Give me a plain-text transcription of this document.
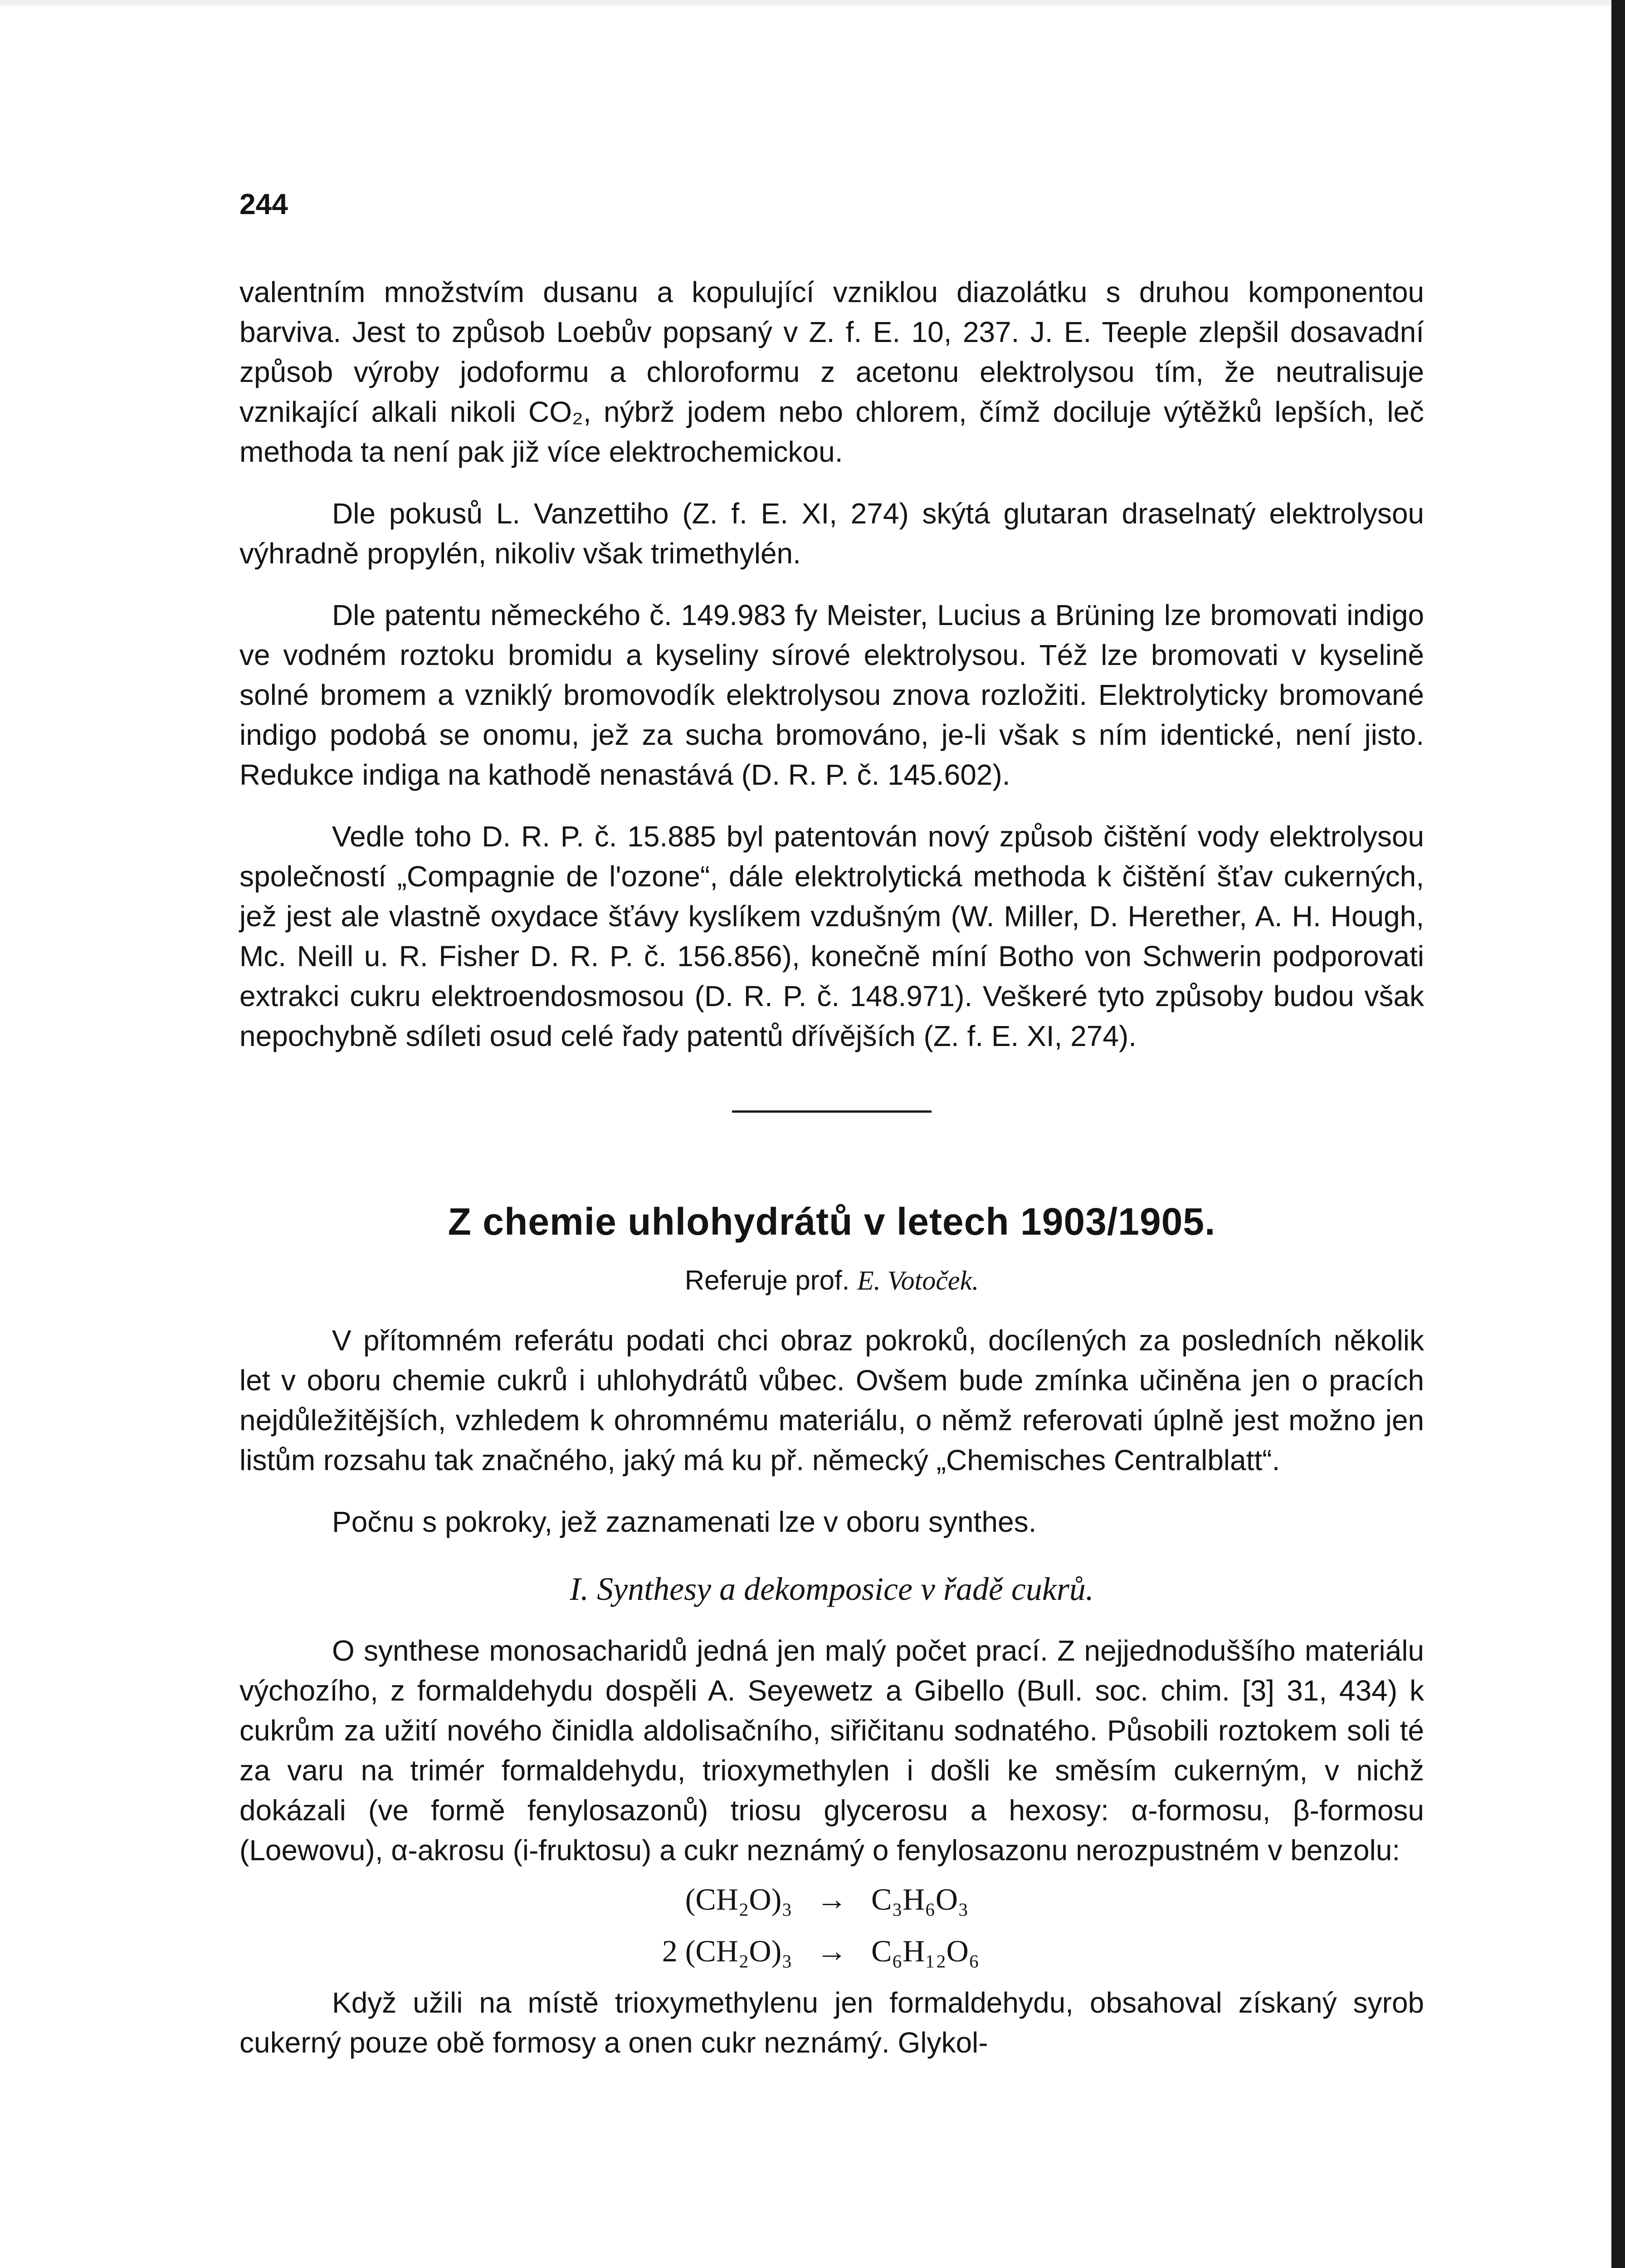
244

valentním množstvím dusanu a kopulující vzniklou diazolátku s druhou komponentou barviva. Jest to způsob Loebův popsaný v Z. f. E. 10, 237. J. E. Teeple zlepšil dosavadní způsob výroby jodoformu a chloroformu z acetonu elektrolysou tím, že neutralisuje vznikající alkali nikoli CO₂, nýbrž jodem nebo chlorem, čímž dociluje výtěžků lepších, leč methoda ta není pak již více elektrochemickou.

Dle pokusů L. Vanzettiho (Z. f. E. XI, 274) skýtá glutaran draselnatý elektrolysou výhradně propylén, nikoliv však trimethylén.

Dle patentu německého č. 149.983 fy Meister, Lucius a Brüning lze bromovati indigo ve vodném roztoku bromidu a kyseliny sírové elektrolysou. Též lze bromovati v kyselině solné bromem a vzniklý bromovodík elektrolysou znova rozložiti. Elektrolyticky bromované indigo podobá se onomu, jež za sucha bromováno, je-li však s ním identické, není jisto. Redukce indiga na kathodě nenastává (D. R. P. č. 145.602).

Vedle toho D. R. P. č. 15.885 byl patentován nový způsob čištění vody elektrolysou společností „Compagnie de l'ozone“, dále elektrolytická methoda k čištění šťav cukerných, jež jest ale vlastně oxydace šťávy kyslíkem vzdušným (W. Miller, D. Herether, A. H. Hough, Mc. Neill u. R. Fisher D. R. P. č. 156.856), konečně míní Botho von Schwerin podporovati extrakci cukru elektroendosmosou (D. R. P. č. 148.971). Veškeré tyto způsoby budou však nepochybně sdíleti osud celé řady patentů dřívějších (Z. f. E. XI, 274).

Z chemie uhlohydrátů v letech 1903/1905.
Referuje prof. E. Votoček.

V přítomném referátu podati chci obraz pokroků, docílených za posledních několik let v oboru chemie cukrů i uhlohydrátů vůbec. Ovšem bude zmínka učiněna jen o pracích nejdůležitějších, vzhledem k ohromnému materiálu, o němž referovati úplně jest možno jen listům rozsahu tak značného, jaký má ku př. německý „Chemisches Centralblatt“.

Počnu s pokroky, jež zaznamenati lze v oboru synthes.

I. Synthesy a dekomposice v řadě cukrů.

O synthese monosacharidů jedná jen malý počet prací. Z nejjednoduššího materiálu výchozího, z formaldehydu dospěli A. Seyewetz a Gibello (Bull. soc. chim. [3] 31, 434) k cukrům za užití nového činidla aldolisačního, siřičitanu sodnatého. Působili roztokem soli té za varu na trimér formaldehydu, trioxymethylen i došli ke směsím cukerným, v nichž dokázali (ve formě fenylosazonů) triosu glycerosu a hexosy: α-formosu, β-formosu (Loewovu), α-akrosu (i-fruktosu) a cukr neznámý o fenylosazonu nerozpustném v benzolu:

(CH₂O)₃ → C₃H₆O₃
2 (CH₂O)₃ → C₆H₁₂O₆

Když užili na místě trioxymethylenu jen formaldehydu, obsahoval získaný syrob cukerný pouze obě formosy a onen cukr neznámý. Glykol-
